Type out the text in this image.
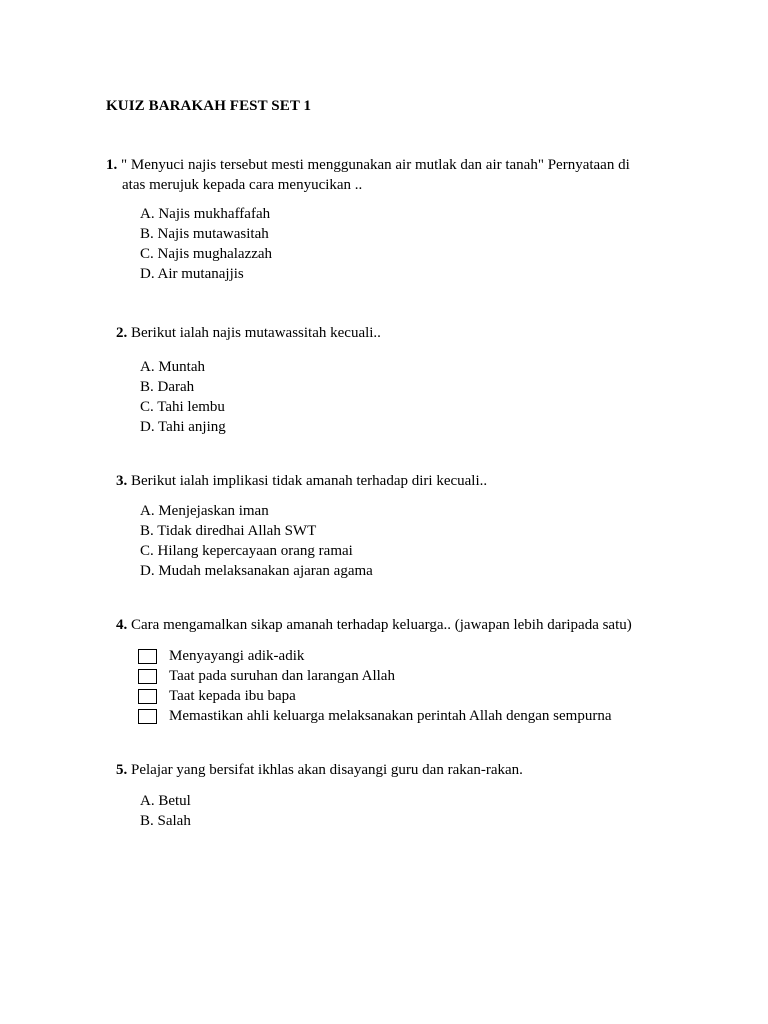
KUIZ BARAKAH FEST SET 1
1. " Menyuci najis tersebut mesti menggunakan air mutlak dan air tanah" Pernyataan di
atas merujuk kepada cara menyucikan ..
A. Najis mukhaffafah
B. Najis mutawasitah
C. Najis mughalazzah
D. Air mutanajjis
2. Berikut ialah najis mutawassitah kecuali..
A. Muntah
B. Darah
C. Tahi lembu
D. Tahi anjing
3. Berikut ialah implikasi tidak amanah terhadap diri kecuali..
A. Menjejaskan iman
B. Tidak diredhai Allah SWT
C. Hilang kepercayaan orang ramai
D. Mudah melaksanakan ajaran agama
4. Cara mengamalkan sikap amanah terhadap keluarga.. (jawapan lebih daripada satu)
Menyayangi adik-adik
Taat pada suruhan dan larangan Allah
Taat kepada ibu bapa
Memastikan ahli keluarga melaksanakan perintah Allah dengan sempurna
5. Pelajar yang bersifat ikhlas akan disayangi guru dan rakan-rakan.
A. Betul
B. Salah
